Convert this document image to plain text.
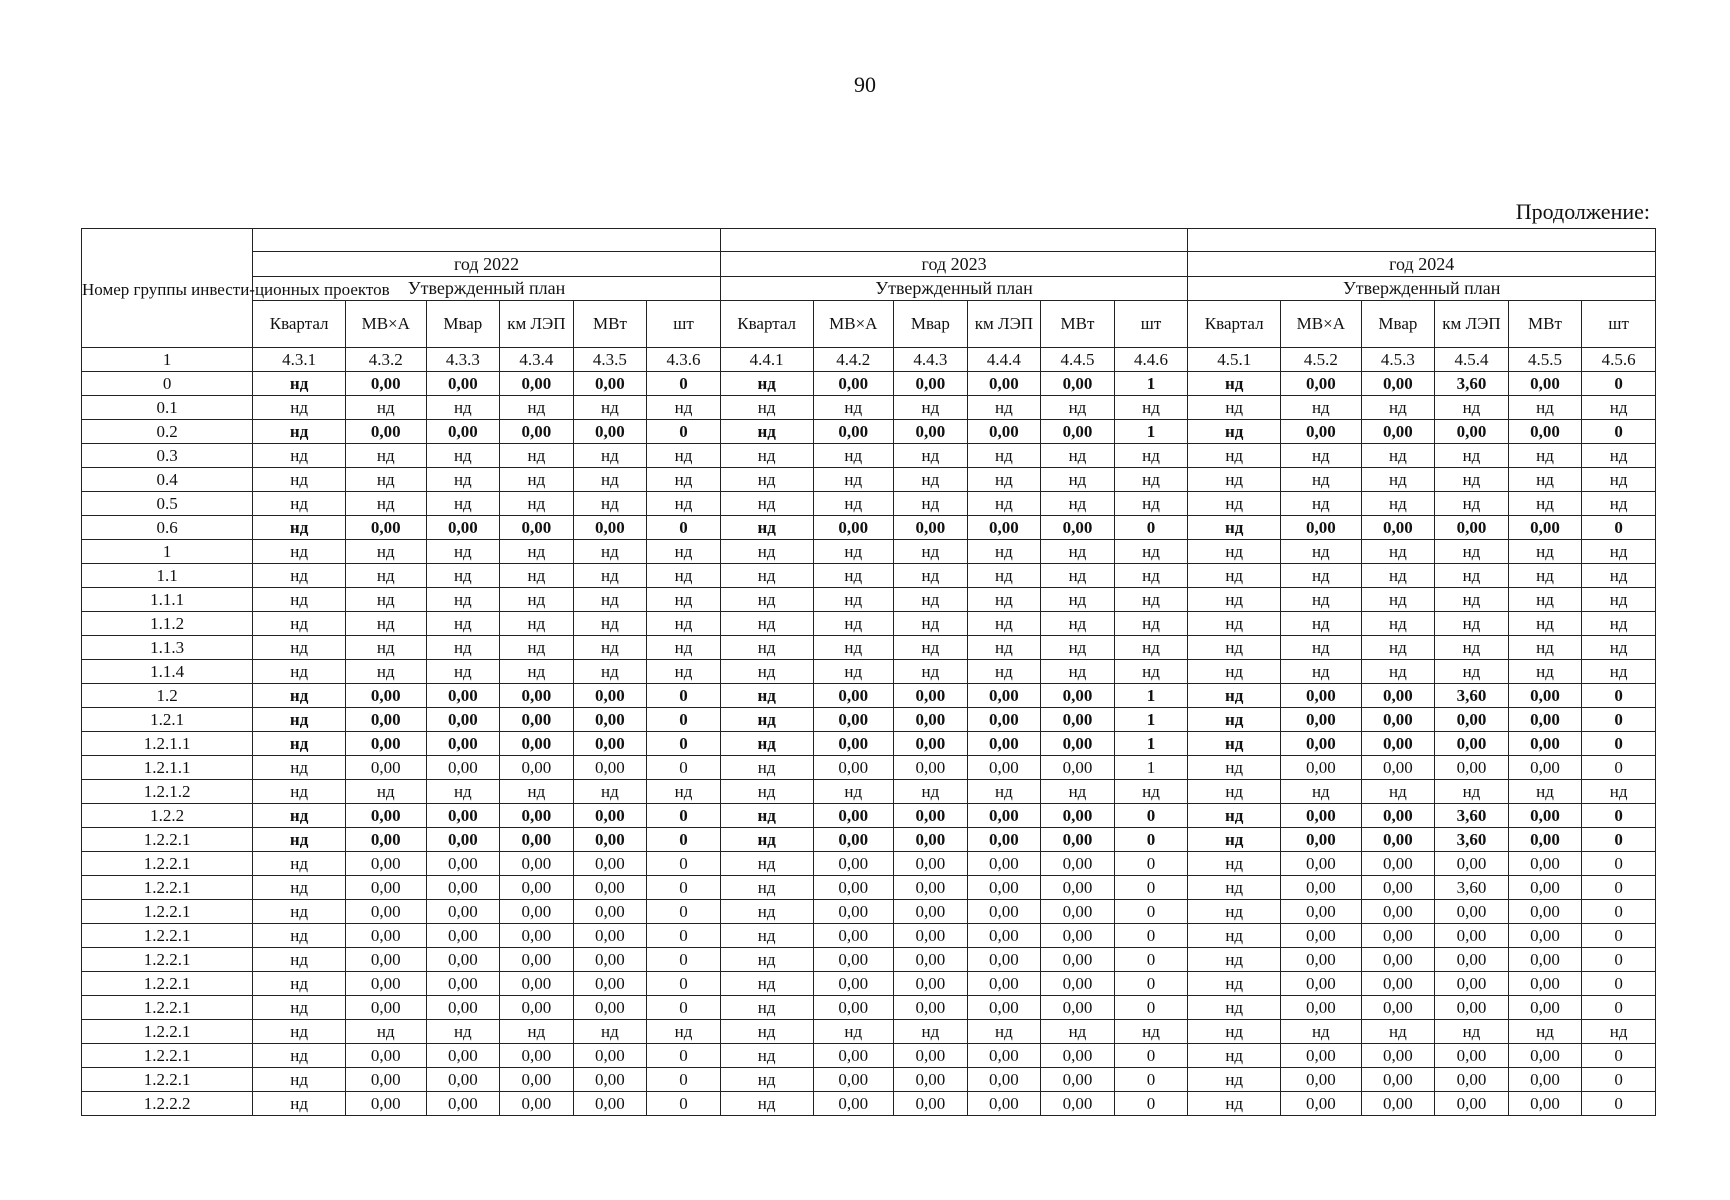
90
Продолжение:
Номер группы инвести-ционных проектов																		
	год 2022						год 2023						год 2024					
	Утвержденный план						Утвержденный план						Утвержденный план					
	Квартал	МВ×А	Мвар	км ЛЭП	МВт	шт	Квартал	МВ×А	Мвар	км ЛЭП	МВт	шт	Квартал	МВ×А	Мвар	км ЛЭП	МВт	шт
1	4.3.1	4.3.2	4.3.3	4.3.4	4.3.5	4.3.6	4.4.1	4.4.2	4.4.3	4.4.4	4.4.5	4.4.6	4.5.1	4.5.2	4.5.3	4.5.4	4.5.5	4.5.6
0	нд	0,00	0,00	0,00	0,00	0	нд	0,00	0,00	0,00	0,00	1	нд	0,00	0,00	3,60	0,00	0
0.1	нд	нд	нд	нд	нд	нд	нд	нд	нд	нд	нд	нд	нд	нд	нд	нд	нд	нд
0.2	нд	0,00	0,00	0,00	0,00	0	нд	0,00	0,00	0,00	0,00	1	нд	0,00	0,00	0,00	0,00	0
0.3	нд	нд	нд	нд	нд	нд	нд	нд	нд	нд	нд	нд	нд	нд	нд	нд	нд	нд
0.4	нд	нд	нд	нд	нд	нд	нд	нд	нд	нд	нд	нд	нд	нд	нд	нд	нд	нд
0.5	нд	нд	нд	нд	нд	нд	нд	нд	нд	нд	нд	нд	нд	нд	нд	нд	нд	нд
0.6	нд	0,00	0,00	0,00	0,00	0	нд	0,00	0,00	0,00	0,00	0	нд	0,00	0,00	0,00	0,00	0
1	нд	нд	нд	нд	нд	нд	нд	нд	нд	нд	нд	нд	нд	нд	нд	нд	нд	нд
1.1	нд	нд	нд	нд	нд	нд	нд	нд	нд	нд	нд	нд	нд	нд	нд	нд	нд	нд
1.1.1	нд	нд	нд	нд	нд	нд	нд	нд	нд	нд	нд	нд	нд	нд	нд	нд	нд	нд
1.1.2	нд	нд	нд	нд	нд	нд	нд	нд	нд	нд	нд	нд	нд	нд	нд	нд	нд	нд
1.1.3	нд	нд	нд	нд	нд	нд	нд	нд	нд	нд	нд	нд	нд	нд	нд	нд	нд	нд
1.1.4	нд	нд	нд	нд	нд	нд	нд	нд	нд	нд	нд	нд	нд	нд	нд	нд	нд	нд
1.2	нд	0,00	0,00	0,00	0,00	0	нд	0,00	0,00	0,00	0,00	1	нд	0,00	0,00	3,60	0,00	0
1.2.1	нд	0,00	0,00	0,00	0,00	0	нд	0,00	0,00	0,00	0,00	1	нд	0,00	0,00	0,00	0,00	0
1.2.1.1	нд	0,00	0,00	0,00	0,00	0	нд	0,00	0,00	0,00	0,00	1	нд	0,00	0,00	0,00	0,00	0
1.2.1.1	нд	0,00	0,00	0,00	0,00	0	нд	0,00	0,00	0,00	0,00	1	нд	0,00	0,00	0,00	0,00	0
1.2.1.2	нд	нд	нд	нд	нд	нд	нд	нд	нд	нд	нд	нд	нд	нд	нд	нд	нд	нд
1.2.2	нд	0,00	0,00	0,00	0,00	0	нд	0,00	0,00	0,00	0,00	0	нд	0,00	0,00	3,60	0,00	0
1.2.2.1	нд	0,00	0,00	0,00	0,00	0	нд	0,00	0,00	0,00	0,00	0	нд	0,00	0,00	3,60	0,00	0
1.2.2.1	нд	0,00	0,00	0,00	0,00	0	нд	0,00	0,00	0,00	0,00	0	нд	0,00	0,00	0,00	0,00	0
1.2.2.1	нд	0,00	0,00	0,00	0,00	0	нд	0,00	0,00	0,00	0,00	0	нд	0,00	0,00	3,60	0,00	0
1.2.2.1	нд	0,00	0,00	0,00	0,00	0	нд	0,00	0,00	0,00	0,00	0	нд	0,00	0,00	0,00	0,00	0
1.2.2.1	нд	0,00	0,00	0,00	0,00	0	нд	0,00	0,00	0,00	0,00	0	нд	0,00	0,00	0,00	0,00	0
1.2.2.1	нд	0,00	0,00	0,00	0,00	0	нд	0,00	0,00	0,00	0,00	0	нд	0,00	0,00	0,00	0,00	0
1.2.2.1	нд	0,00	0,00	0,00	0,00	0	нд	0,00	0,00	0,00	0,00	0	нд	0,00	0,00	0,00	0,00	0
1.2.2.1	нд	0,00	0,00	0,00	0,00	0	нд	0,00	0,00	0,00	0,00	0	нд	0,00	0,00	0,00	0,00	0
1.2.2.1	нд	нд	нд	нд	нд	нд	нд	нд	нд	нд	нд	нд	нд	нд	нд	нд	нд	нд
1.2.2.1	нд	0,00	0,00	0,00	0,00	0	нд	0,00	0,00	0,00	0,00	0	нд	0,00	0,00	0,00	0,00	0
1.2.2.1	нд	0,00	0,00	0,00	0,00	0	нд	0,00	0,00	0,00	0,00	0	нд	0,00	0,00	0,00	0,00	0
1.2.2.2	нд	0,00	0,00	0,00	0,00	0	нд	0,00	0,00	0,00	0,00	0	нд	0,00	0,00	0,00	0,00	0
